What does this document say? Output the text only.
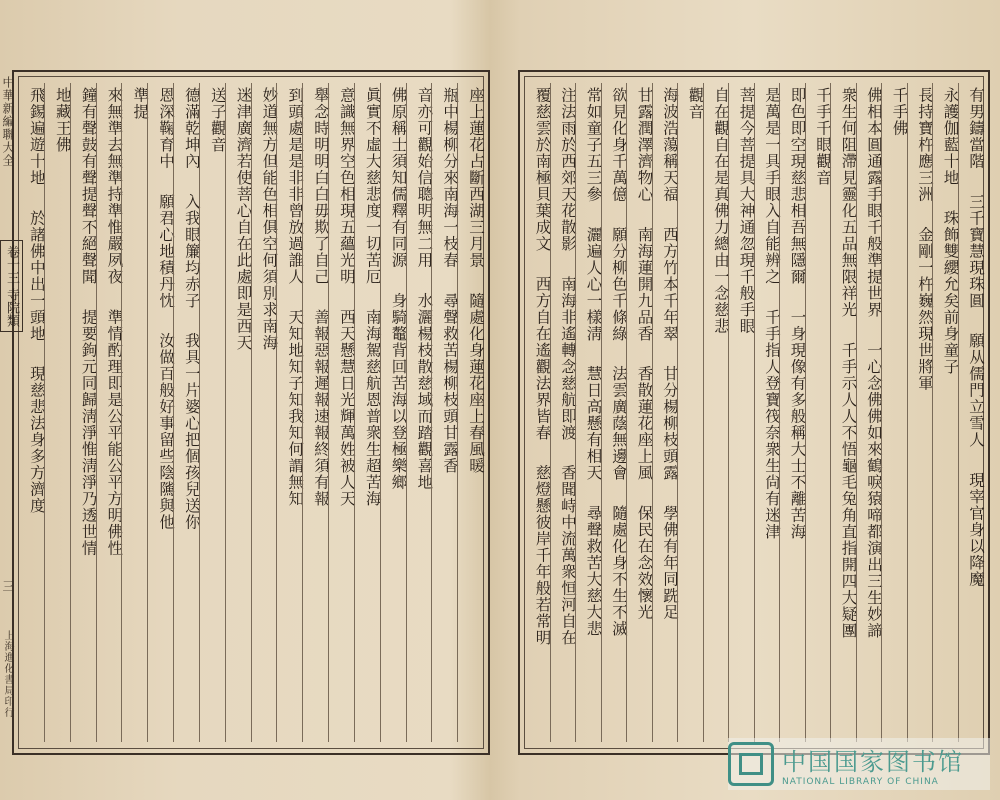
座上蓮花占斷西湖三月景    隨處化身蓮花座上春風暖
瓶中楊柳分來南海一枝春    尋聲救苦楊柳枝頭甘露香
音亦可觀始信聰明無二用    水灑楊枝散慈域而踏觀喜地
佛原稱士須知儒釋有同源    身騎鼇背回苦海以登極樂鄉
眞實不虛大慈悲度一切苦厄    南海駕慈航恩普衆生超苦海
意識無界空色相現五蘊光明    西天懸慧日光輝萬姓被人天
舉念時明明白白毋欺了自己    善報惡報遲報速報終須有報
到頭處是是非非曾放過誰人    天知地知子知我知何謂無知
妙道無方但能色相俱空何須別求南海
迷津廣濟若使菩心自在此處即是西天
送子觀音
德滿乾坤內    入我眼簾均赤子    我具一片婆心把個孩兒送你
恩深鞠育中    願君心地積丹忱    汝做百般好事留些陰隲與他
準提
來無準去無準持準惟嚴夙夜    準情酌理即是公平能公平方明佛性
鐘有聲鼓有聲提聲不絕聲聞    提要鉤元同歸淸淨惟淸淨乃透世情
地藏王佛
飛錫遍遊十地    於諸佛中出一頭地    現慈悲法身多方濟度
中華新編聯大全
卷十三 寺院類
三
上海進化書局印行
有男鑄當階    三千寶慧現珠圓    願从儒門立雪人    現宰官身以降魔
永護伽藍十地    珠飾雙纓允矣前身童子
長持寶杵應三洲    金剛一杵巍然現世將軍
千手佛
佛相本圓通露手眼千般準提世界    一心念佛佛如來鶴唳猿啼都演出三生妙諦
衆生何阻滯見靈化五品無限祥光    千手示人人不悟龜毛兔角直指開四大疑團
千手千眼觀音
即色即空現慈悲相吾無隱爾    一身現像有多般稱大士不離苦海
是萬是一具手眼入自能辨之    千手指人登寶筏奈衆生尙有迷津
菩提今菩提具大神通忽現千般手眼
自在觀自在是真佛力總由一念慈悲
觀音
海波浩蕩稱天福    西方竹本千年翠    甘分楊柳枝頭露    學佛有年同跣足
甘露潤澤濟物心    南海蓮開九品香    香散蓮花座上風    保民在念效懷光
欲見化身千萬億    願分柳色千條綠    法雲廣蔭無邊會    隨處化身不生不滅
常如童子五三參    灑遍人心一樣淸    慧日高懸有相天    尋聲救苦大慈大悲
注法雨於西郊天花散影    南海非遙轉念慈航即渡    香聞峙中流萬衆恒河自在
覆慈雲於南極貝葉成文    西方自在遙觀法界皆春    慈燈懸彼岸千年般若常明
中国国家图书馆
NATIONAL LIBRARY OF CHINA
